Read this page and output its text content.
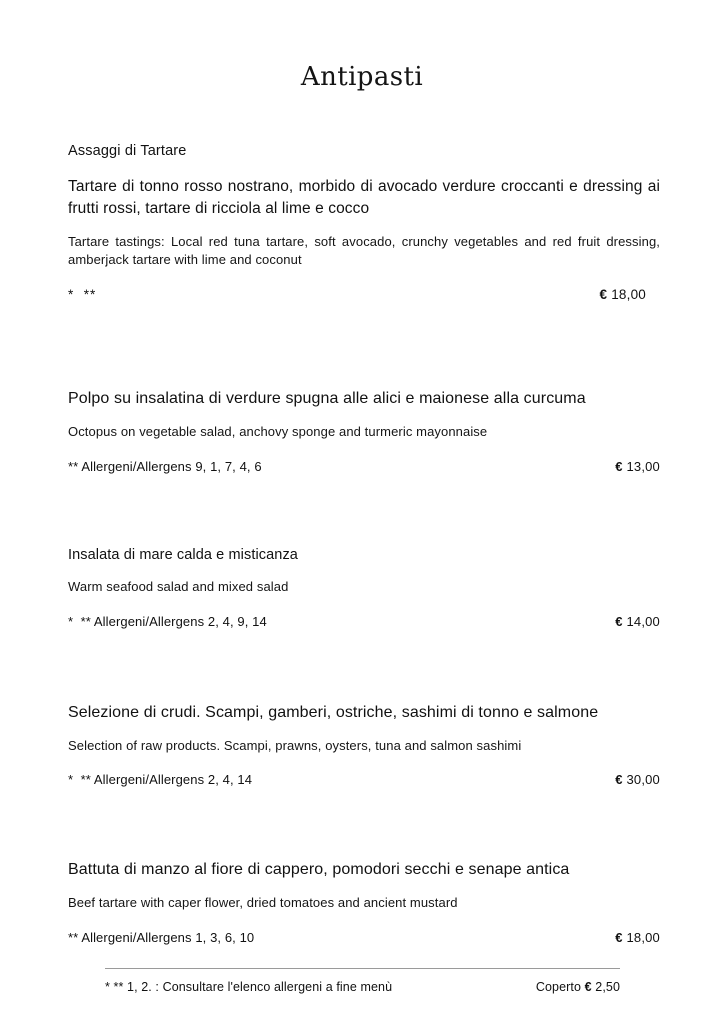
Antipasti
Assaggi di Tartare
Tartare di tonno rosso nostrano, morbido di avocado verdure croccanti e dressing ai frutti rossi, tartare di ricciola al lime e cocco
Tartare tastings: Local red tuna tartare, soft avocado, crunchy vegetables and red fruit dressing, amberjack tartare with lime and coconut
*  **	€ 18,00
Polpo su insalatina di verdure spugna alle alici e maionese alla curcuma
Octopus on vegetable salad, anchovy sponge and turmeric mayonnaise
** Allergeni/Allergens 9, 1, 7, 4, 6	€ 13,00
Insalata di mare calda e misticanza
Warm seafood salad and mixed salad
*  ** Allergeni/Allergens 2, 4, 9, 14	€ 14,00
Selezione di crudi. Scampi, gamberi, ostriche, sashimi di tonno e salmone
Selection of raw products. Scampi, prawns, oysters, tuna and salmon sashimi
*  ** Allergeni/Allergens 2, 4, 14	€ 30,00
Battuta di manzo al fiore di cappero, pomodori secchi e senape antica
Beef tartare with caper flower, dried tomatoes and ancient mustard
** Allergeni/Allergens 1, 3, 6, 10	€ 18,00
* ** 1, 2. : Consultare l'elenco allergeni a fine menù	Coperto € 2,50
